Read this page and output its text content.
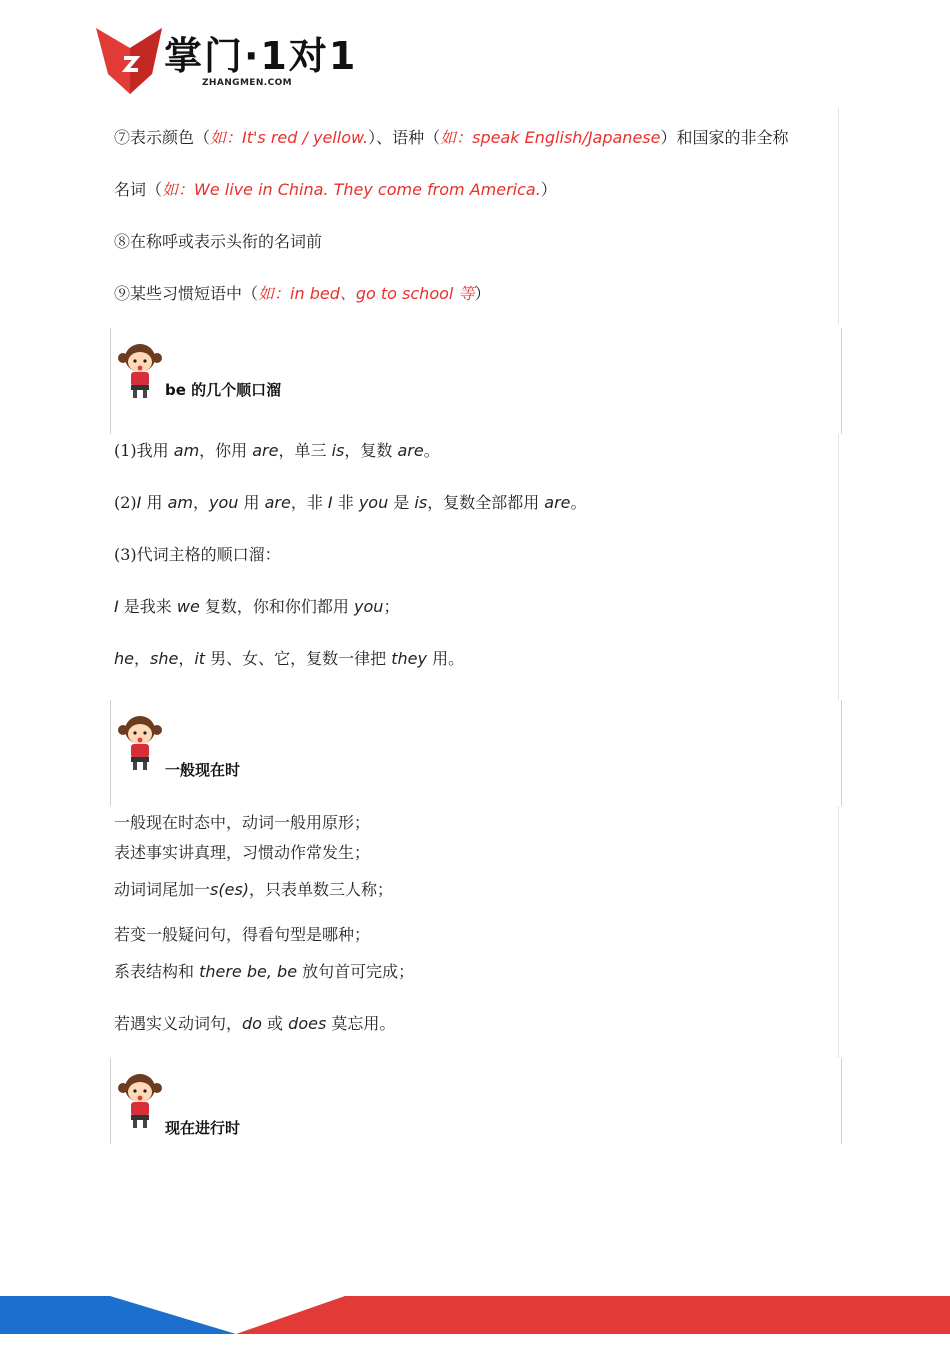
掌门·1对1
ZHANGMEN.COM
⑦表示颜色（如：It's red / yellow.）、语种（如：speak English/Japanese）和国家的非全称
名词（如：We live in China. They come from America.）
⑧在称呼或表示头衔的名词前
⑨某些习惯短语中（如：in bed、go to school 等）
be 的几个顺口溜
(1)我用 am，你用 are，单三 is，复数 are。
(2)I 用 am，you 用 are，非 I 非 you 是 is，复数全部都用 are。
(3)代词主格的顺口溜：
I 是我来 we 复数，你和你们都用 you；
he，she，it 男、女、它，复数一律把 they 用。
一般现在时
一般现在时态中，动词一般用原形；
表述事实讲真理，习惯动作常发生；
动词词尾加一s(es)，只表单数三人称；
若变一般疑问句，得看句型是哪种；
系表结构和 there be, be 放句首可完成；
若遇实义动词句，do 或 does 莫忘用。
现在进行时
